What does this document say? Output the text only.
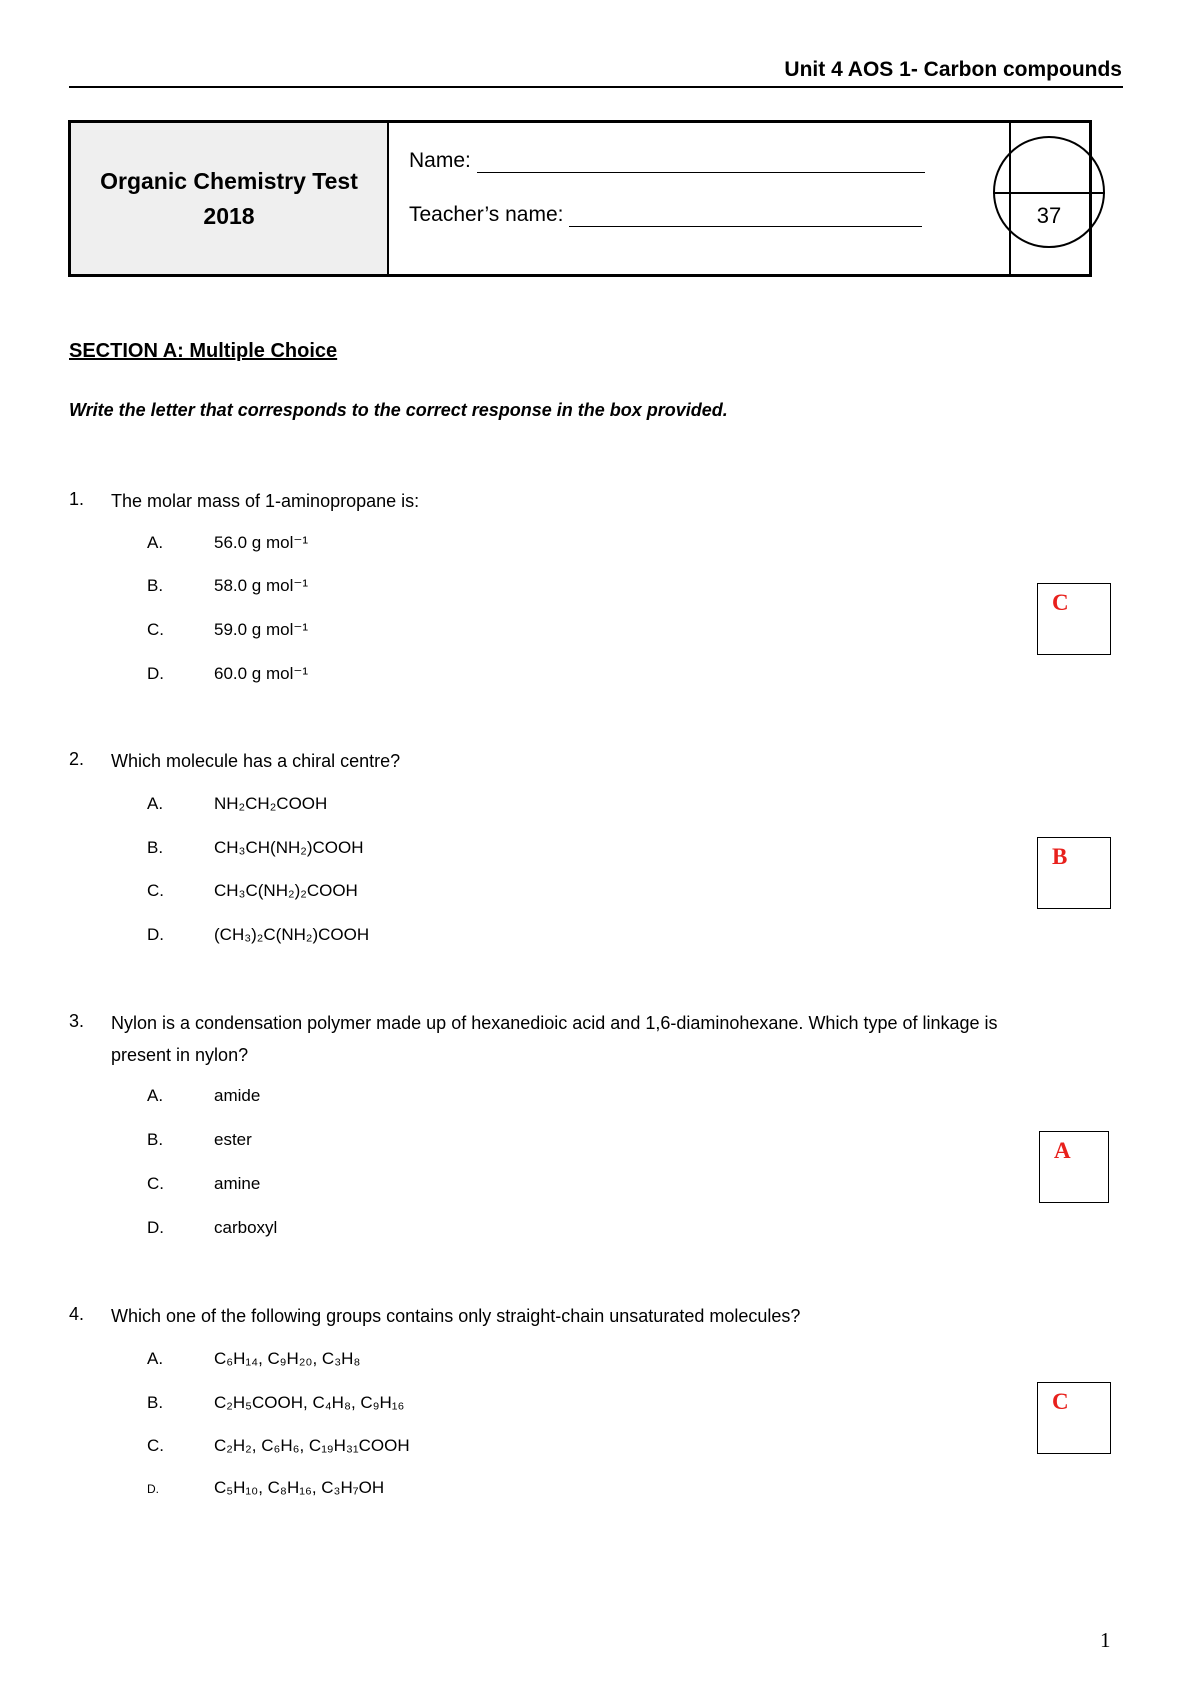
Unit 4 AOS 1- Carbon compounds
Organic Chemistry Test
2018
Name:
Teacher’s name:	37
SECTION A: Multiple Choice
Write the letter that corresponds to the correct response in the box provided.
1.	The molar mass of 1-aminopropane is:
A.	56.0 g mol⁻¹
B.	58.0 g mol⁻¹
C.	59.0 g mol⁻¹
D.	60.0 g mol⁻¹
C
2.	Which molecule has a chiral centre?
A.	NH₂CH₂COOH
B.	CH₃CH(NH₂)COOH
C.	CH₃C(NH₂)₂COOH
D.	(CH₃)₂C(NH₂)COOH
B
3.	Nylon is a condensation polymer made up of hexanedioic acid and 1,6-diaminohexane. Which type of linkage is
present in nylon?
A.	amide
B.	ester
C.	amine
D.	carboxyl
A
4.	Which one of the following groups contains only straight-chain unsaturated molecules?
A.	C₆H₁₄, C₉H₂₀, C₃H₈
B.	C₂H₅COOH, C₄H₈, C₉H₁₆
C.	C₂H₂, C₆H₆, C₁₉H₃₁COOH
D.	C₅H₁₀, C₈H₁₆, C₃H₇OH
C
1
